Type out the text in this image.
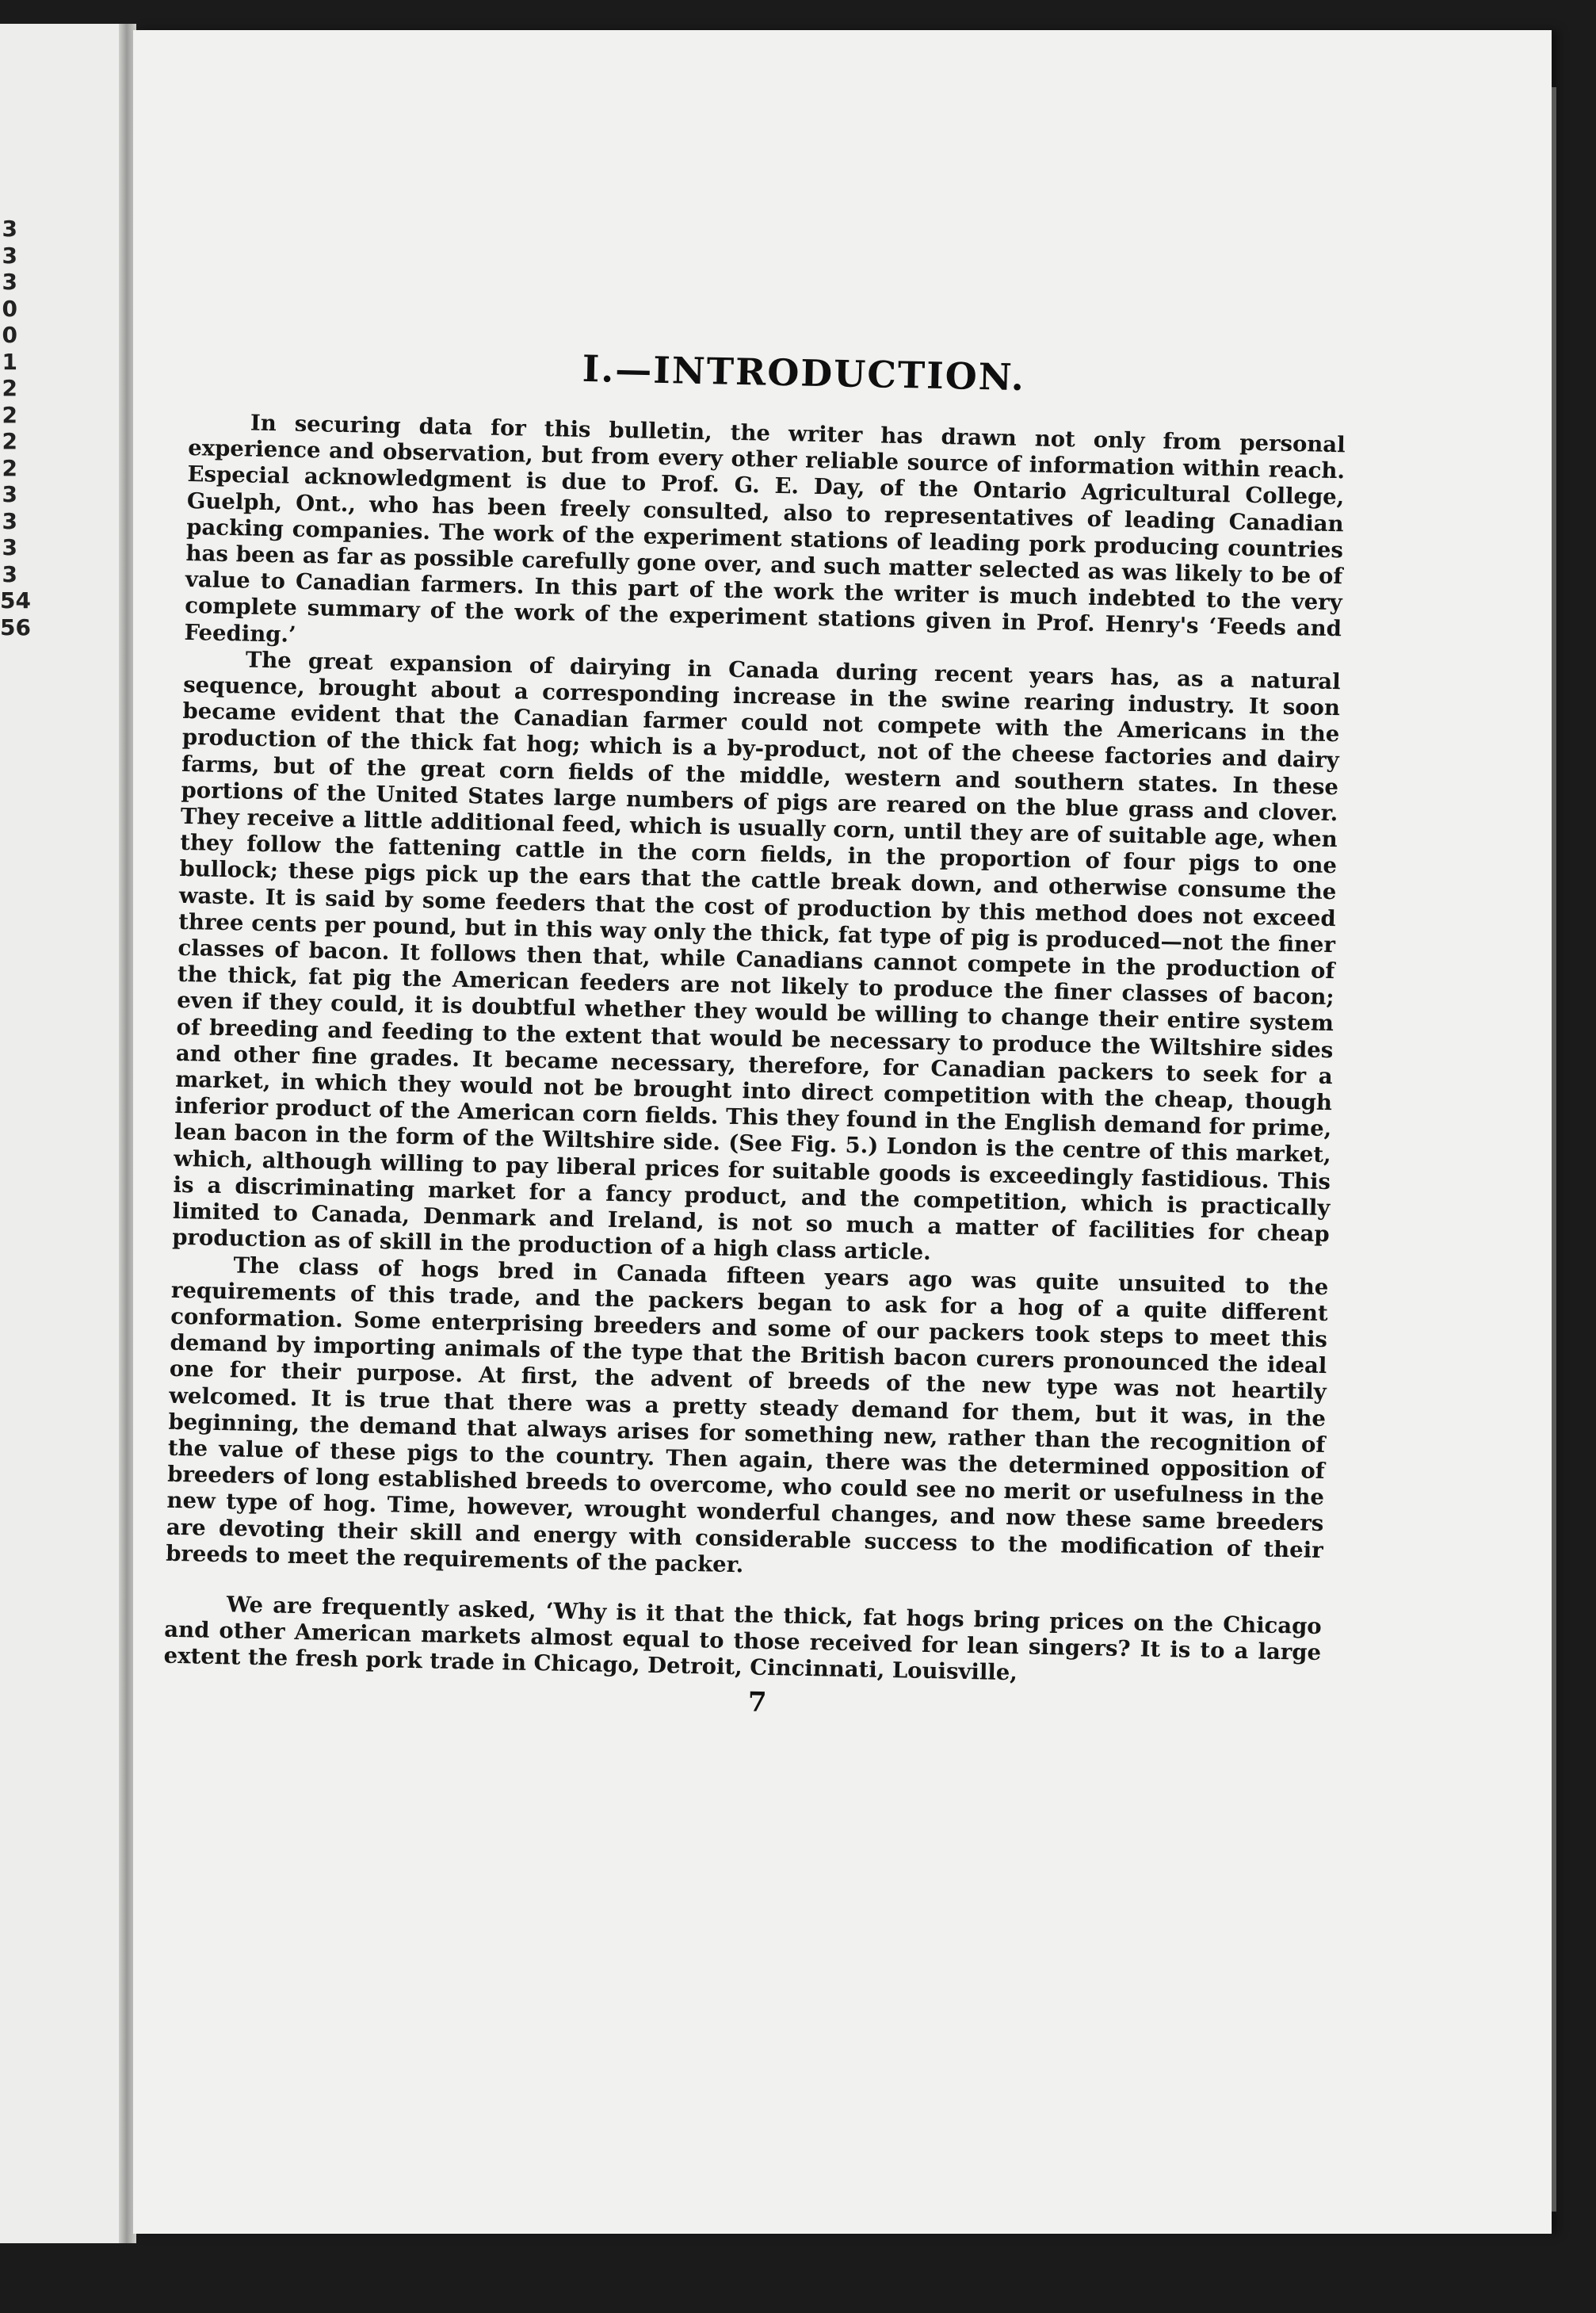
3
3
3
0
0
1
2
2
2
2
3
3
3
3
54
56
I.—INTRODUCTION.

In securing data for this bulletin, the writer has drawn not only from personal experience and observation, but from every other reliable source of information within reach. Especial acknowledgment is due to Prof. G. E. Day, of the Ontario Agricultural College, Guelph, Ont., who has been freely consulted, also to representatives of leading Canadian packing companies. The work of the experiment stations of leading pork producing countries has been as far as possible carefully gone over, and such matter selected as was likely to be of value to Canadian farmers. In this part of the work the writer is much indebted to the very complete summary of the work of the experiment stations given in Prof. Henry's ‘Feeds and Feeding.’

The great expansion of dairying in Canada during recent years has, as a natural sequence, brought about a corresponding increase in the swine rearing industry. It soon became evident that the Canadian farmer could not compete with the Americans in the production of the thick fat hog; which is a by-product, not of the cheese factories and dairy farms, but of the great corn fields of the middle, western and southern states. In these portions of the United States large numbers of pigs are reared on the blue grass and clover. They receive a little additional feed, which is usually corn, until they are of suitable age, when they follow the fattening cattle in the corn fields, in the proportion of four pigs to one bullock; these pigs pick up the ears that the cattle break down, and otherwise consume the waste. It is said by some feeders that the cost of production by this method does not exceed three cents per pound, but in this way only the thick, fat type of pig is produced—not the finer classes of bacon. It follows then that, while Canadians cannot compete in the production of the thick, fat pig the American feeders are not likely to produce the finer classes of bacon; even if they could, it is doubtful whether they would be willing to change their entire system of breeding and feeding to the extent that would be necessary to produce the Wiltshire sides and other fine grades. It became necessary, therefore, for Canadian packers to seek for a market, in which they would not be brought into direct competition with the cheap, though inferior product of the American corn fields. This they found in the English demand for prime, lean bacon in the form of the Wiltshire side. (See Fig. 5.) London is the centre of this market, which, although willing to pay liberal prices for suitable goods is exceedingly fastidious. This is a discriminating market for a fancy product, and the competition, which is practically limited to Canada, Denmark and Ireland, is not so much a matter of facilities for cheap production as of skill in the production of a high class article.

The class of hogs bred in Canada fifteen years ago was quite unsuited to the requirements of this trade, and the packers began to ask for a hog of a quite different conformation. Some enterprising breeders and some of our packers took steps to meet this demand by importing animals of the type that the British bacon curers pronounced the ideal one for their purpose. At first, the advent of breeds of the new type was not heartily welcomed. It is true that there was a pretty steady demand for them, but it was, in the beginning, the demand that always arises for something new, rather than the recognition of the value of these pigs to the country. Then again, there was the determined opposition of breeders of long established breeds to overcome, who could see no merit or usefulness in the new type of hog. Time, however, wrought wonderful changes, and now these same breeders are devoting their skill and energy with considerable success to the modification of their breeds to meet the requirements of the packer.

We are frequently asked, ‘Why is it that the thick, fat hogs bring prices on the Chicago and other American markets almost equal to those received for lean singers? It is to a large extent the fresh pork trade in Chicago, Detroit, Cincinnati, Louisville,

7
